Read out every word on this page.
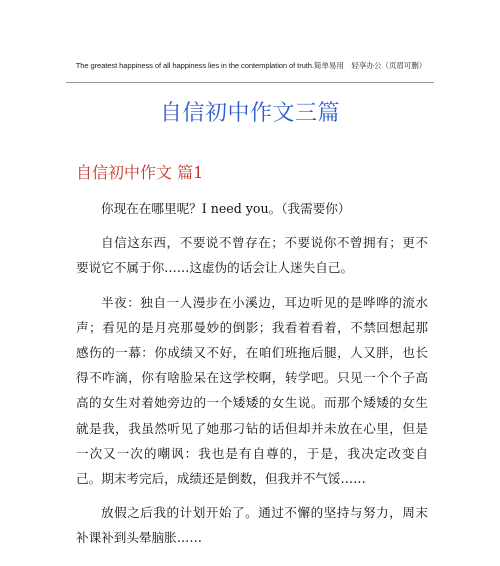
The greatest happiness of all happiness lies in the contemplation of truth.简单易用　轻享办公（页眉可删）
自信初中作文三篇
自信初中作文 篇1

你现在在哪里呢？I need you。（我需要你）

自信这东西，不要说不曾存在；不要说你不曾拥有；更不要说它不属于你……这虚伪的话会让人迷失自己。

半夜：独自一人漫步在小溪边，耳边听见的是哗哗的流水声；看见的是月亮那曼妙的倒影；我看着看着，不禁回想起那感伤的一幕：你成绩又不好，在咱们班拖后腿，人又胖，也长得不咋滴，你有啥脸呆在这学校啊，转学吧。只见一个个子高高的女生对着她旁边的一个矮矮的女生说。而那个矮矮的女生就是我，我虽然听见了她那刁钻的话但却并未放在心里，但是一次又一次的嘲讽：我也是有自尊的，于是，我决定改变自己。期末考完后，成绩还是倒数，但我并不气馁……

放假之后我的计划开始了。通过不懈的坚持与努力，周末补课补到头晕脑胀……
